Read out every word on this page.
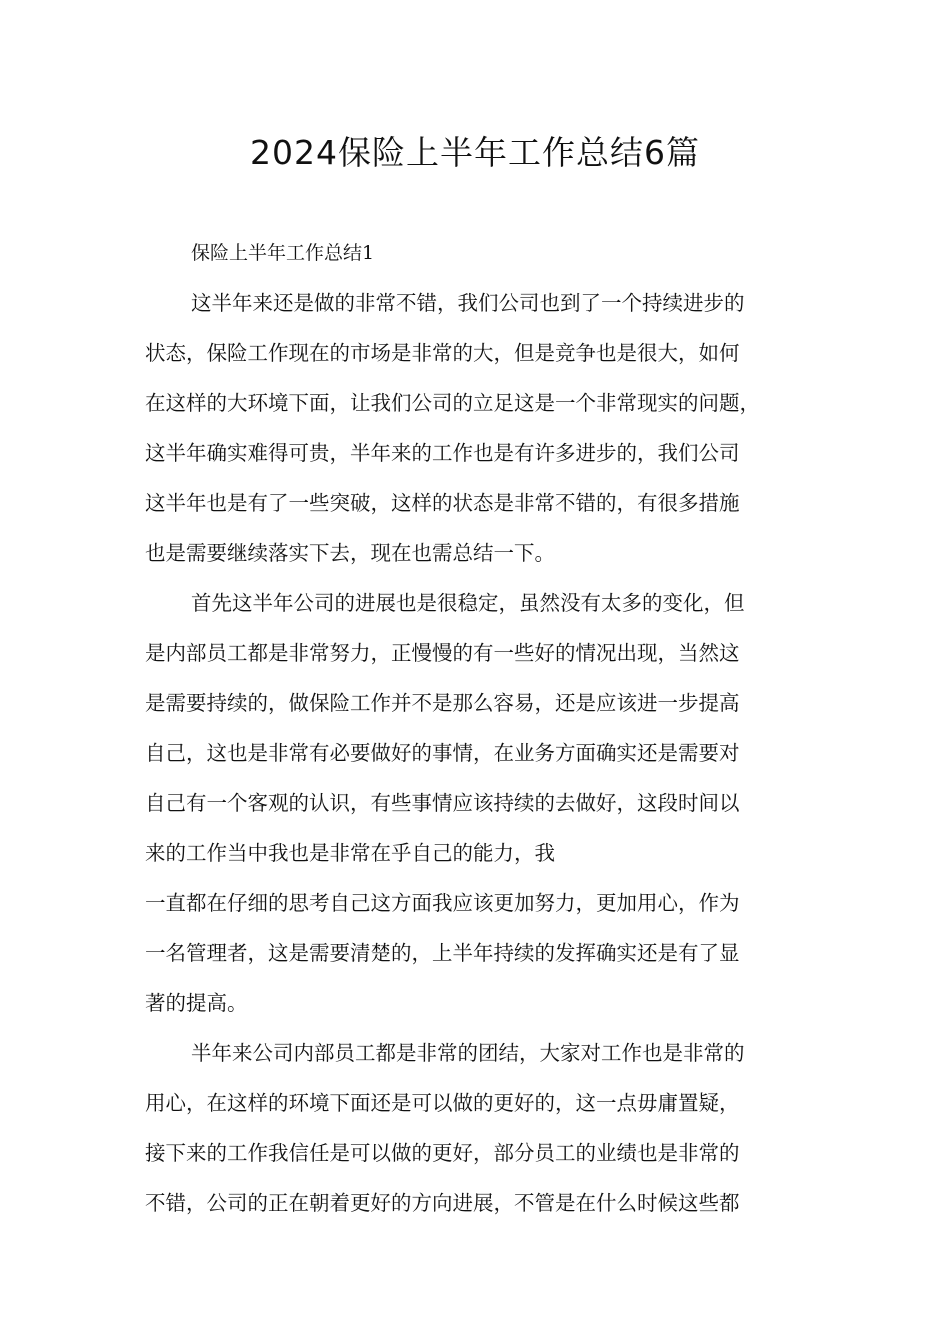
2024保险上半年工作总结6篇
保险上半年工作总结1
这半年来还是做的非常不错，我们公司也到了一个持续进步的
状态，保险工作现在的市场是非常的大，但是竞争也是很大，如何
在这样的大环境下面，让我们公司的立足这是一个非常现实的问题，
这半年确实难得可贵，半年来的工作也是有许多进步的，我们公司
这半年也是有了一些突破，这样的状态是非常不错的，有很多措施
也是需要继续落实下去，现在也需总结一下。
首先这半年公司的进展也是很稳定，虽然没有太多的变化，但
是内部员工都是非常努力，正慢慢的有一些好的情况出现，当然这
是需要持续的，做保险工作并不是那么容易，还是应该进一步提高
自己，这也是非常有必要做好的事情，在业务方面确实还是需要对
自己有一个客观的认识，有些事情应该持续的去做好，这段时间以
来的工作当中我也是非常在乎自己的能力，我
一直都在仔细的思考自己这方面我应该更加努力，更加用心，作为
一名管理者，这是需要清楚的，上半年持续的发挥确实还是有了显
著的提高。
半年来公司内部员工都是非常的团结，大家对工作也是非常的
用心，在这样的环境下面还是可以做的更好的，这一点毋庸置疑，
接下来的工作我信任是可以做的更好，部分员工的业绩也是非常的
不错，公司的正在朝着更好的方向进展，不管是在什么时候这些都
